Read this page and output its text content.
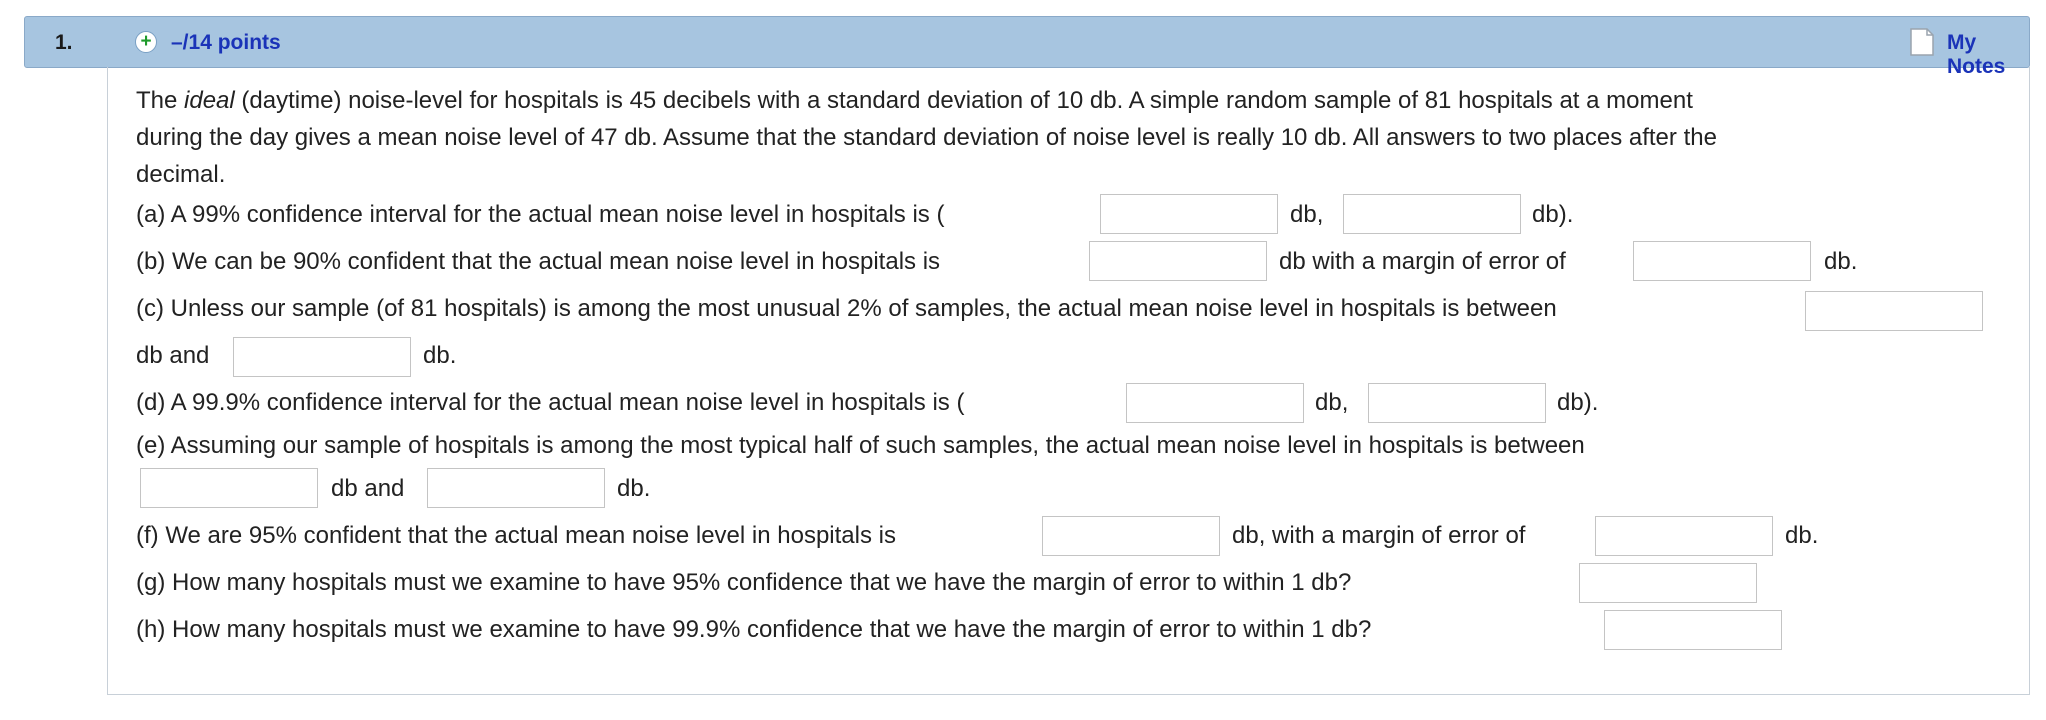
1.	+ –/14 points	My Notes
The ideal (daytime) noise-level for hospitals is 45 decibels with a standard deviation of 10 db. A simple random sample of 81 hospitals at a moment
during the day gives a mean noise level of 47 db. Assume that the standard deviation of noise level is really 10 db. All answers to two places after the
decimal.
(a) A 99% confidence interval for the actual mean noise level in hospitals is (	db,	db).
(b) We can be 90% confident that the actual mean noise level in hospitals is	db with a margin of error of	db.
(c) Unless our sample (of 81 hospitals) is among the most unusual 2% of samples, the actual mean noise level in hospitals is between
db and	db.
(d) A 99.9% confidence interval for the actual mean noise level in hospitals is (	db,	db).
(e) Assuming our sample of hospitals is among the most typical half of such samples, the actual mean noise level in hospitals is between
db and	db.
(f) We are 95% confident that the actual mean noise level in hospitals is	db, with a margin of error of	db.
(g) How many hospitals must we examine to have 95% confidence that we have the margin of error to within 1 db?
(h) How many hospitals must we examine to have 99.9% confidence that we have the margin of error to within 1 db?
